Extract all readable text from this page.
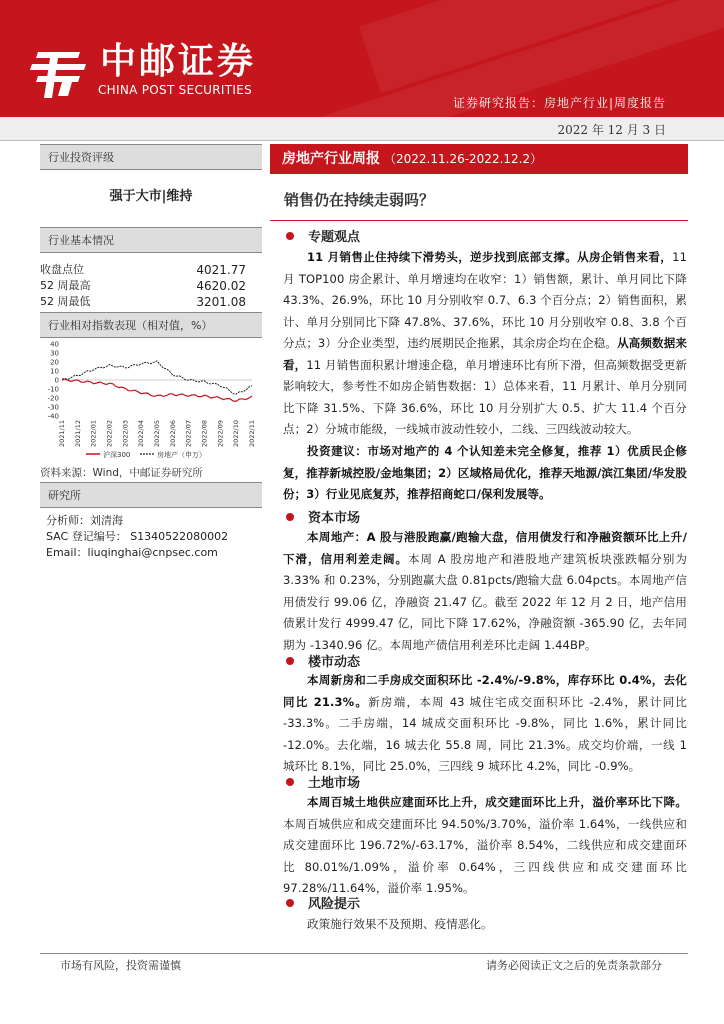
中邮证券
CHINA POST SECURITIES
证券研究报告：房地产行业|周度报告
2022 年 12 月 3 日
行业投资评级
强于大市|维持
行业基本情况
收盘点位	4021.77
52 周最高	4620.02
52 周最低	3201.08
行业相对指数表现（相对值，%）
40
30
20
10
0
-10
-20
-30
-40
2021/11 2021/12 2022/01 2022/02 2022/03 2022/04 2022/05 2022/06 2022/07 2022/08 2022/09 2022/10 2022/11
沪深300	房地产（申万）
资料来源：Wind，中邮证券研究所
研究所
分析师：刘清海
SAC 登记编号： S1340522080002
Email：liuqinghai@cnpsec.com
房地产行业周报 （2022.11.26-2022.12.2）
销售仍在持续走弱吗？
专题观点
11 月销售止住持续下滑势头，逆步找到底部支撑。从房企销售来看，11 月 TOP100 房企累计、单月增速均在收窄：1）销售额，累计、单月同比下降 43.3%、26.9%，环比 10 月分别收窄 0.7、6.3 个百分点；2）销售面积，累计、单月分别同比下降 47.8%、37.6%，环比 10 月分别收窄 0.8、3.8 个百分点；3）分企业类型，违约展期民企拖累，其余房企均在企稳。从高频数据来看，11 月销售面积累计增速企稳，单月增速环比有所下滑，但高频数据受更新影响较大，参考性不如房企销售数据：1）总体来看，11 月累计、单月分别同比下降 31.5%、下降 36.6%，环比 10 月分别扩大 0.5、扩大 11.4 个百分点；2）分城市能级，一线城市波动性较小，二线、三四线波动较大。
投资建议：市场对地产的 4 个认知差未完全修复，推荐 1）优质民企修复，推荐新城控股/金地集团；2）区域格局优化，推荐天地源/滨江集团/华发股份；3）行业见底复苏，推荐招商蛇口/保利发展等。
资本市场
本周地产：A 股与港股跑赢/跑输大盘，信用债发行和净融资额环比上升/下滑，信用利差走阔。本周 A 股房地产和港股地产建筑板块涨跌幅分别为 3.33% 和 0.23%，分别跑赢大盘 0.81pcts/跑输大盘 6.04pcts。本周地产信用债发行 99.06 亿，净融资 21.47 亿。截至 2022 年 12 月 2 日，地产信用债累计发行 4999.47 亿，同比下降 17.62%，净融资额 -365.90 亿，去年同期为 -1340.96 亿。本周地产债信用利差环比走阔 1.44BP。
楼市动态
本周新房和二手房成交面积环比 -2.4%/-9.8%，库存环比 0.4%，去化同比 21.3%。新房端，本周 43 城住宅成交面积环比 -2.4%，累计同比 -33.3%。二手房端，14 城成交面积环比 -9.8%，同比 1.6%，累计同比 -12.0%。去化端，16 城去化 55.8 周，同比 21.3%。成交均价端，一线 1 城环比 8.1%，同比 25.0%，三四线 9 城环比 4.2%，同比 -0.9%。
土地市场
本周百城土地供应建面环比上升，成交建面环比上升，溢价率环比下降。本周百城供应和成交建面环比 94.50%/3.70%，溢价率 1.64%，一线供应和成交建面环比 196.72%/-63.17%，溢价率 8.54%，二线供应和成交建面环比 80.01%/1.09%，溢价率 0.64%，三四线供应和成交建面环比 97.28%/11.64%，溢价率 1.95%。
风险提示
政策施行效果不及预期、疫情恶化。
市场有风险，投资需谨慎	请务必阅读正文之后的免责条款部分
